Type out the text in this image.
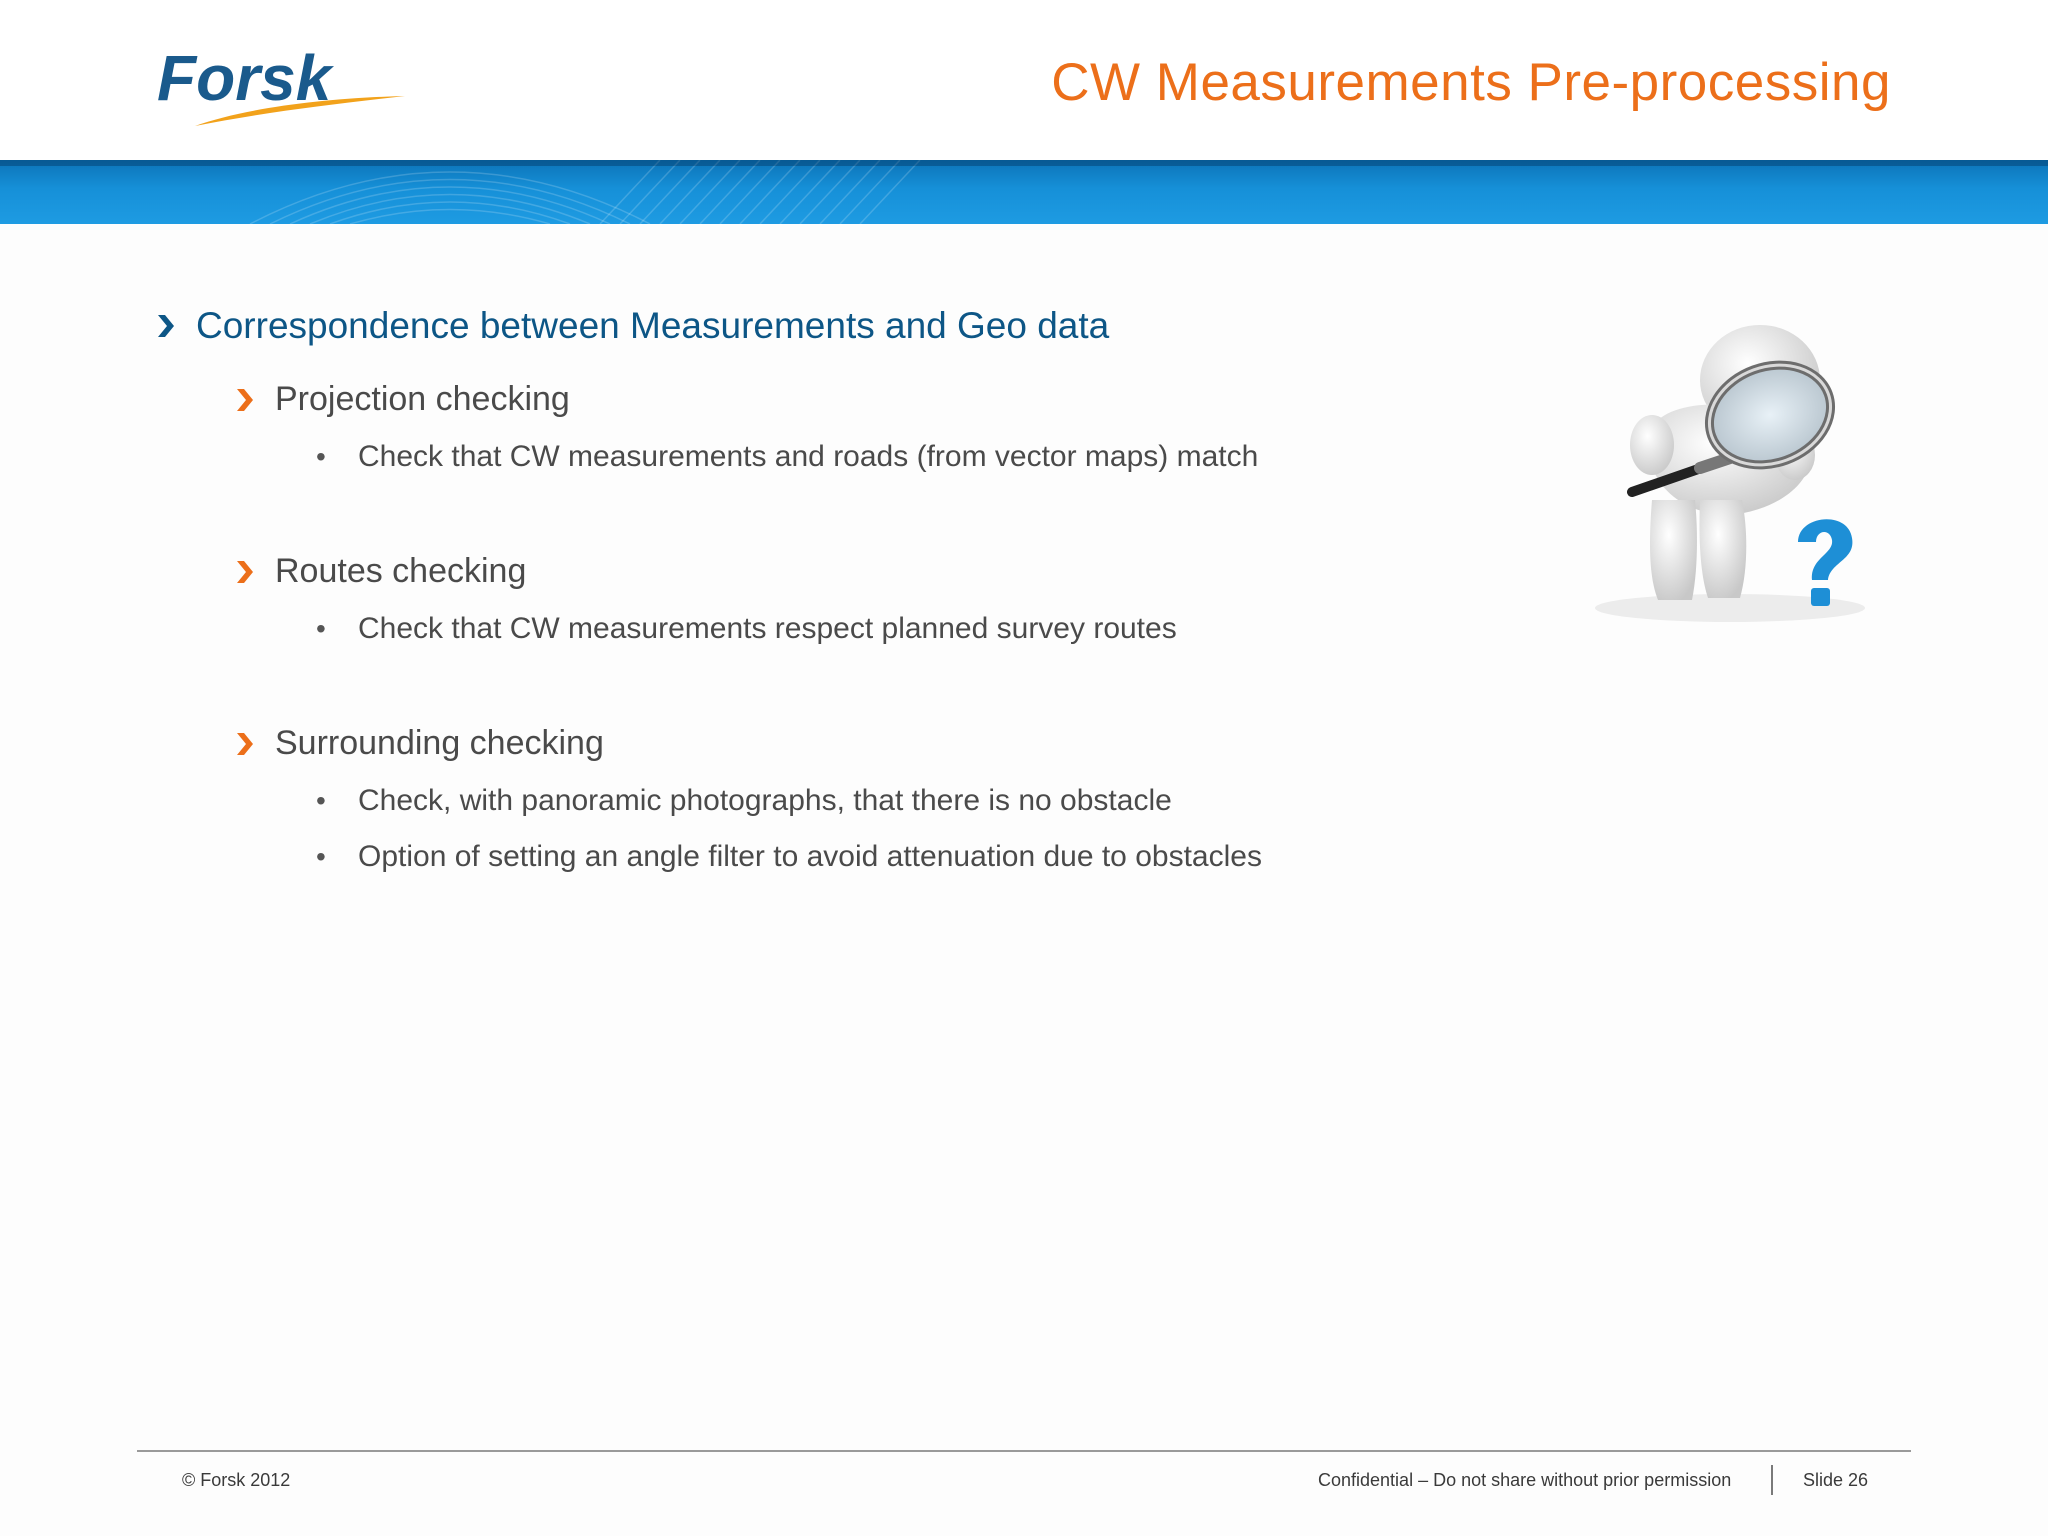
Forsk	CW Measurements Pre-processing
Correspondence between Measurements and Geo data
Projection checking
•	Check that CW measurements and roads (from vector maps) match
Routes checking
•	Check that CW measurements respect planned survey routes
Surrounding checking
•	Check, with panoramic photographs, that there is no obstacle
•	Option of setting an angle filter to avoid attenuation due to obstacles
© Forsk 2012	Confidential – Do not share without prior permission	Slide 26
